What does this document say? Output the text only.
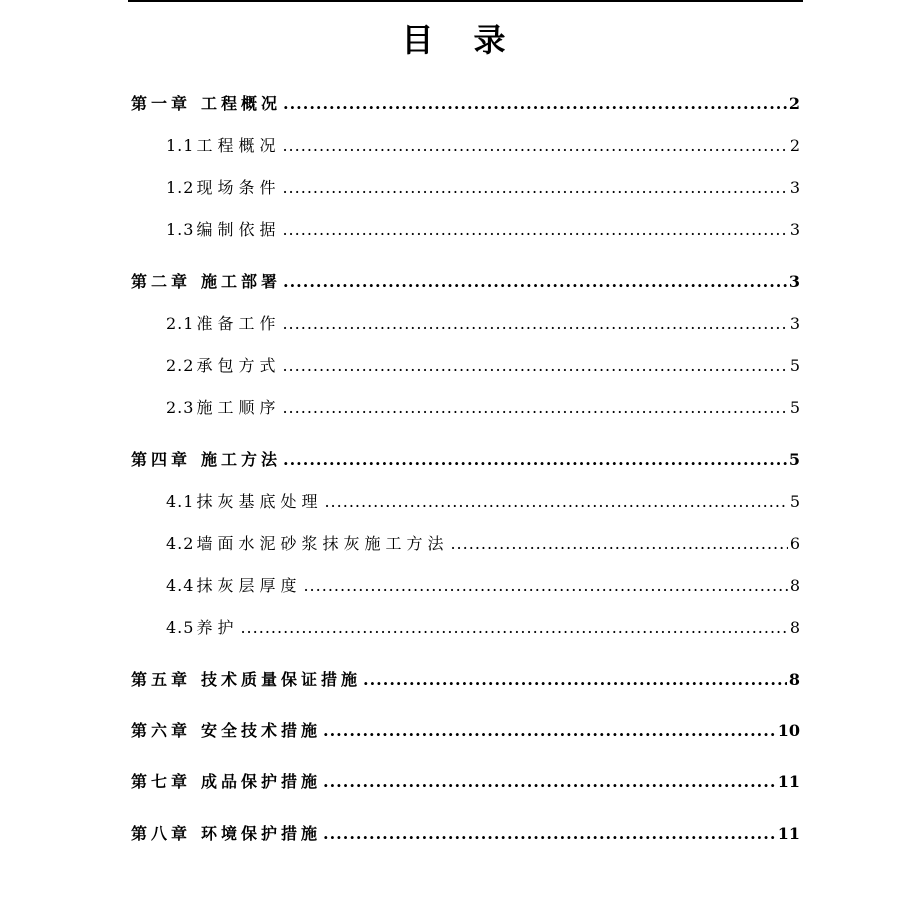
目录
第一章 工程概况 .....	2
1.1 工程概况 .....	2
1.2 现场条件 .....	3
1.3 编制依据 .....	3
第二章 施工部署 .....	3
2.1 准备工作 .....	3
2.2 承包方式 .....	5
2.3 施工顺序 .....	5
第四章 施工方法 .....	5
4.1 抹灰基底处理 .....	5
4.2 墙面水泥砂浆抹灰施工方法 .....	6
4.4 抹灰层厚度 .....	8
4.5 养护 .....	8
第五章 技术质量保证措施 .....	8
第六章 安全技术措施 .....	10
第七章 成品保护措施 .....	11
第八章 环境保护措施 .....	11
